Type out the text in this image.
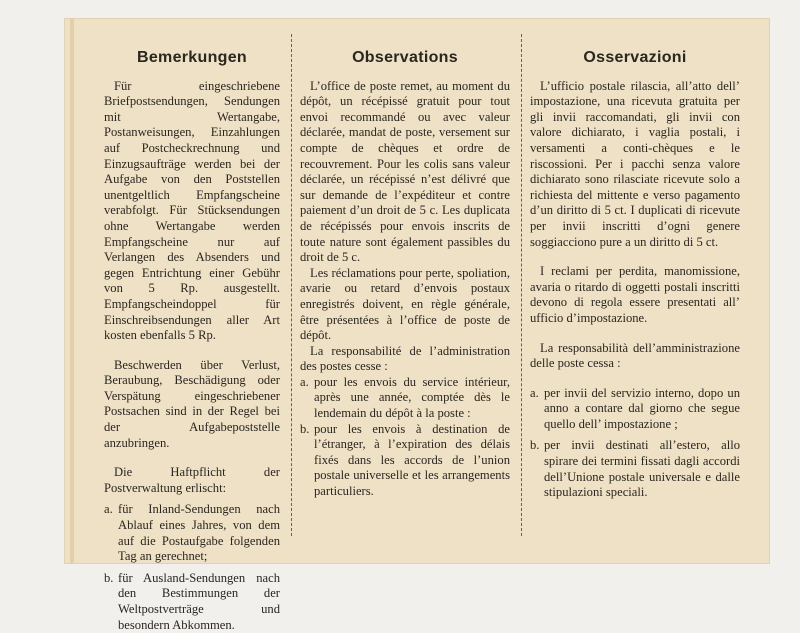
Bemerkungen

Für eingeschriebene Briefpostsendungen, Sendungen mit Wertangabe, Postanweisungen, Einzahlungen auf Postcheckrechnung und Einzugsaufträge werden bei der Aufgabe von den Poststellen unentgeltlich Empfangscheine verabfolgt. Für Stücksendungen ohne Wertangabe werden Empfangscheine nur auf Verlangen des Absenders und gegen Entrichtung einer Gebühr von 5 Rp. ausgestellt. Empfangscheindoppel für Einschreibsendungen aller Art kosten ebenfalls 5 Rp.

Beschwerden über Verlust, Beraubung, Beschädigung oder Verspätung eingeschriebener Postsachen sind in der Regel bei der Aufgabepoststelle anzubringen.

Die Haftpflicht der Postverwaltung erlischt:

a. für Inland-Sendungen nach Ablauf eines Jahres, von dem auf die Postaufgabe folgenden Tag an gerechnet;
b. für Ausland-Sendungen nach den Bestimmungen der Weltpostverträge und besondern Abkommen.
Observations

L’office de poste remet, au moment du dépôt, un récépissé gratuit pour tout envoi recommandé ou avec valeur déclarée, mandat de poste, versement sur compte de chèques et ordre de recouvrement. Pour les colis sans valeur déclarée, un récépissé n’est délivré que sur demande de l’expéditeur et contre paiement d’un droit de 5 c. Les duplicata de récépissés pour envois inscrits de toute nature sont également passibles du droit de 5 c.

Les réclamations pour perte, spoliation, avarie ou retard d’envois postaux enregistrés doivent, en règle générale, être présentées à l’office de poste de dépôt.

La responsabilité de l’administration des postes cesse :

a. pour les envois du service intérieur, après une année, comptée dès le lendemain du dépôt à la poste :
b. pour les envois à destination de l’étranger, à l’expiration des délais fixés dans les accords de l’union postale universelle et les arrangements particuliers.
Osservazioni

L’ufficio postale rilascia, all’atto dell’ impostazione, una ricevuta gratuita per gli invii raccomandati, gli invii con valore dichiarato, i vaglia postali, i versamenti a conti-chèques e le riscossioni. Per i pacchi senza valore dichiarato sono rilasciate ricevute solo a richiesta del mittente e verso pagamento d’un diritto di 5 ct. I duplicati di ricevute per invii inscritti d’ogni genere soggiacciono pure a un diritto di 5 ct.

I reclami per perdita, manomissione, avaria o ritardo di oggetti postali inscritti devono di regola essere presentati all’ ufficio d’impostazione.

La responsabilità dell’amministrazione delle poste cessa :

a. per invii del servizio interno, dopo un anno a contare dal giorno che segue quello dell’ impostazione ;
b. per invii destinati all’estero, allo spirare dei termini fissati dagli accordi dell’Unione postale universale e dalle stipulazioni speciali.
